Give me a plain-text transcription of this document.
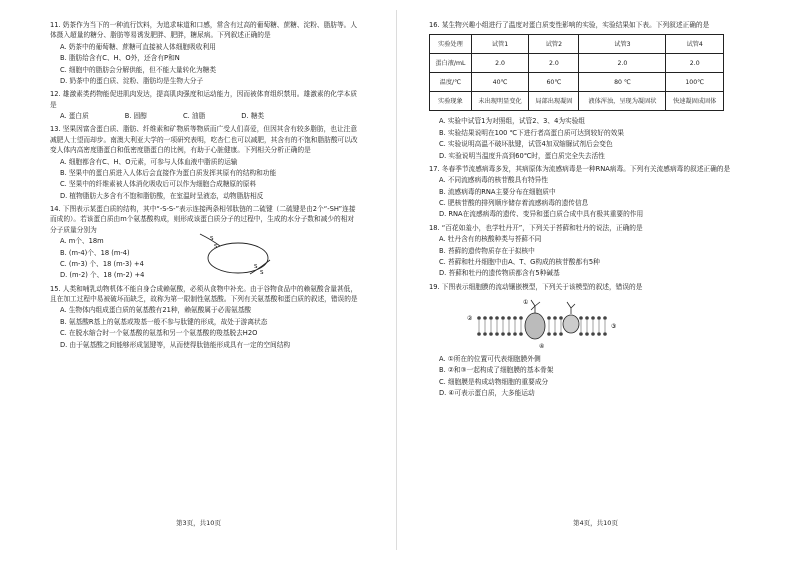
11. 奶茶作为当下的一种流行饮料，为追求味道和口感，常含有过高的葡萄糖、蔗糖、淀粉、脂肪等。人体摄入超量的糖分、脂肪等易诱发肥胖、肥胖，糖尿病。下列叙述正确的是
A. 奶茶中的葡萄糖、蔗糖可直接被人体细胞吸收利用
B. 脂肪给含有C、H、O外，还含有P和N
C. 细胞中的脂肪会分解供能，但不能大量转化为糖类
D. 奶茶中的蛋白质、淀粉、脂肪均是生物大分子
12. 雄激素类药物能促进肌肉发达，提高肌肉强度和运动能力，因而被体育组织禁用。雄激素的化学本质是
A. 蛋白质	B. 固醇	C. 油脂	D. 糖类
13. 坚果因富含蛋白质、脂肪、纤维素和矿物质等物质而广受人们喜爱，但因其含有较多脂肪，也让注意减肥人士望而却步。南澳大利亚大学的一项研究表明，吃杏仁也可以减肥，其含有的不饱和脂肪酸可以改变人体内高密度脂蛋白和低密度脂蛋白的比例，有助于心脏健康。下列相关分析正确的是
A. 细胞都含有C、H、O元素，可参与人体血液中脂质的运输
B. 坚果中的蛋白质进入人体后会直接作为蛋白质发挥其原有的结构和功能
C. 坚果中的纤维素被人体消化吸收后可以作为细胞合成糖原的原料
D. 植物脂肪大多含有不饱和脂肪酸，在室温时呈液态，动物脂肪相反
14. 下图表示某蛋白质的结构，其中“-S-S-”表示连接两条相邻肽链的二硫键（二硫键是由2个“-SH”连接而成的）。若该蛋白质由m个氨基酸构成，则形成该蛋白质分子的过程中，生成的水分子数和减少的相对分子质量分别为
A. m个、18m
B. (m-4)个、18 (m-4)
C. (m-3) 个、18 (m-3) +4
D. (m-2) 个、18 (m-2) +4
S
S
S
S
15. 人类和哺乳动物机体不能自身合成赖氨酸，必须从食物中补充。由于谷物食品中的赖氨酸含量甚低，且在加工过程中易被破坏而缺乏，故称为第一限制性氨基酸。下列有关氨基酸和蛋白质的叙述，错误的是
A. 生物体内组成蛋白质的氨基酸有21种，赖氨酸属于必需氨基酸
B. 氨基酸R基上的氨基或羧基一般不参与肽键的形成，故处于游离状态
C. 在脱水缩合时一个氨基酸的氨基和另一个氨基酸的羧基脱去H2O
D. 由于氨基酸之间能够形成氢键等，从而使得肽链能形成具有一定的空间结构
第3页，共10页
16. 某生物兴趣小组进行了温度对蛋白质变性影响的实验，实验结果如下表。下列叙述正确的是
实验处理	试管1	试管2	试管3	试管4
蛋白液/mL	2.0	2.0	2.0	2.0
温度/℃	40℃	60℃	80 ℃	100℃
实验现象	未出现明显变化	局部出现凝固	液体浑浊，呈现为凝固状	快速凝固成固体
A. 实验中试管1为对照组，试管2、3、4为实验组
B. 实验结果说明在100 ℃下进行者高蛋白质可达到较好的效果
C. 实验说明高温不破坏肽键，试管4加双缩脲试剂后会变色
D. 实验说明当温度升高到60℃时，蛋白质完全失去活性
17. 冬春季节流感病毒多发，其病原体为流感病毒是一种RNA病毒。下列有关流感病毒的叙述正确的是
A. 不同流感病毒的核苷酸具有特异性
B. 流感病毒的RNA主要分布在细胞质中
C. 肥核苷酸的排列顺序储存着流感病毒的遗传信息
D. RNA在流感病毒的遗传、变异和蛋白质合成中具有极其重要的作用
18. “百花如羞小，也学牡丹开”，下列关于苔藓和牡丹的说法，正确的是
A. 牡丹含有的核酸种类与苔藓不同
B. 苔藓的遗传物质存在于拟核中
C. 苔藓和牡丹细胞中由A、T、G构成的核苷酸都有5种
D. 苔藓和牡丹的遗传物质都含有5种碱基
19. 下图表示细胞膜的流动镶嵌模型，下列关于该模型的叙述，错误的是
①
②
③
④
A. ①所在的位置可代表细胞膜外侧
B. ②和③一起构成了细胞膜的基本骨架
C. 细胞膜是构成动物细胞的重要成分
D. ④可表示蛋白质，大多能运动
第4页，共10页
